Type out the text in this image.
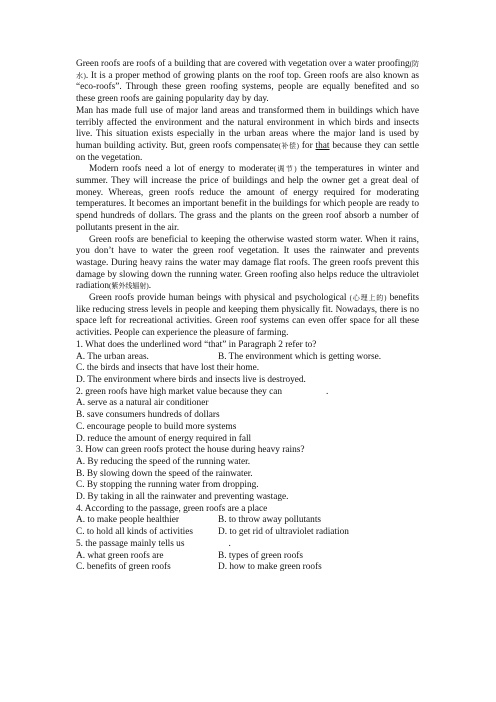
Green roofs are roofs of a building that are covered with vegetation over a water proofing(防水). It is a proper method of growing plants on the roof top. Green roofs are also known as “eco-roofs”. Through these green roofing systems, people are equally benefited and so these green roofs are gaining popularity day by day.

Man has made full use of major land areas and transformed them in buildings which have terribly affected the environment and the natural environment in which birds and insects live. This situation exists especially in the urban areas where the major land is used by human building activity. But, green roofs compensate(补偿) for that because they can settle on the vegetation.

Modern roofs need a lot of energy to moderate(调节) the temperatures in winter and summer. They will increase the price of buildings and help the owner get a great deal of money. Whereas, green roofs reduce the amount of energy required for moderating temperatures. It becomes an important benefit in the buildings for which people are ready to spend hundreds of dollars. The grass and the plants on the green roof absorb a number of pollutants present in the air.

Green roofs are beneficial to keeping the otherwise wasted storm water. When it rains, you don’t have to water the green roof vegetation. It uses the rainwater and prevents wastage. During heavy rains the water may damage flat roofs. The green roofs prevent this damage by slowing down the running water. Green roofing also helps reduce the ultraviolet radiation(紫外线辐射).

Green roofs provide human beings with physical and psychological (心理上的) benefits like reducing stress levels in people and keeping them physically fit. Nowadays, there is no space left for recreational activities. Green roof systems can even offer space for all these activities. People can experience the pleasure of farming.

1. What does the underlined word “that” in Paragraph 2 refer to?
A. The urban areas.	B. The environment which is getting worse.
C. the birds and insects that have lost their home.
D. The environment where birds and insects live is destroyed.
2. green roofs have high market value because they can	.
A. serve as a natural air conditioner
B. save consumers hundreds of dollars
C. encourage people to build more systems
D. reduce the amount of energy required in fall
3. How can green roofs protect the house during heavy rains?
A. By reducing the speed of the running water.
B. By slowing down the speed of the rainwater.
C. By stopping the running water from dropping.
D. By taking in all the rainwater and preventing wastage.
4. According to the passage, green roofs are a place
A. to make people healthier	B. to throw away pollutants
C. to hold all kinds of activities	D. to get rid of ultraviolet radiation
5. the passage mainly tells us	.
A. what green roofs are	B. types of green roofs
C. benefits of green roofs	D. how to make green roofs
